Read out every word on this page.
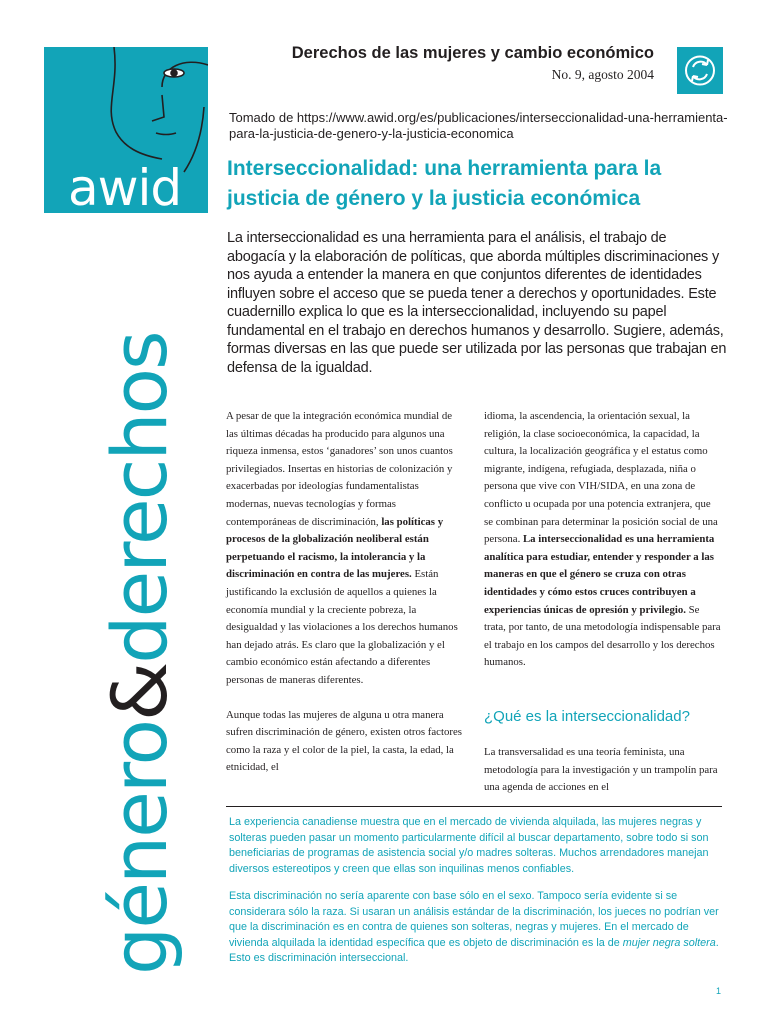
awid
género&derechos
Derechos de las mujeres y cambio económico
No. 9, agosto 2004
Tomado de https://www.awid.org/es/publicaciones/interseccionalidad-una-herramienta-para-la-justicia-de-genero-y-la-justicia-economica
Interseccionalidad: una herramienta para la justicia de género y la justicia económica
La interseccionalidad es una herramienta para el análisis, el trabajo de abogacía y la elaboración de políticas, que aborda múltiples discriminaciones y nos ayuda a entender la manera en que conjuntos diferentes de identidades influyen sobre el acceso que se pueda tener a derechos y oportunidades. Este cuadernillo explica lo que es la interseccionalidad, incluyendo su papel fundamental en el trabajo en derechos humanos y desarrollo. Sugiere, además, formas diversas en las que puede ser utilizada por las personas que trabajan en defensa de la igualdad.

A pesar de que la integración económica mundial de las últimas décadas ha producido para algunos una riqueza inmensa, estos ‘ganadores’ son unos cuantos privilegiados. Insertas en historias de colonización y exacerbadas por ideologías fundamentalistas modernas, nuevas tecnologías y formas contemporáneas de discriminación, las políticas y procesos de la globalización neoliberal están perpetuando el racismo, la intolerancia y la discriminación en contra de las mujeres. Están justificando la exclusión de aquellos a quienes la economía mundial y la creciente pobreza, la desigualdad y las violaciones a los derechos humanos han dejado atrás. Es claro que la globalización y el cambio económico están afectando a diferentes personas de maneras diferentes.

Aunque todas las mujeres de alguna u otra manera sufren discriminación de género, existen otros factores como la raza y el color de la piel, la casta, la edad, la etnicidad, el

idioma, la ascendencia, la orientación sexual, la religión, la clase socioeconómica, la capacidad, la cultura, la localización geográfica y el estatus como migrante, indígena, refugiada, desplazada, niña o persona que vive con VIH/SIDA, en una zona de conflicto u ocupada por una potencia extranjera, que se combinan para determinar la posición social de una persona. La interseccionalidad es una herramienta analítica para estudiar, entender y responder a las maneras en que el género se cruza con otras identidades y cómo estos cruces contribuyen a experiencias únicas de opresión y privilegio. Se trata, por tanto, de una metodología indispensable para el trabajo en los campos del desarrollo y los derechos humanos.

¿Qué es la interseccionalidad?

La transversalidad es una teoría feminista, una metodología para la investigación y un trampolín para una agenda de acciones en el

La experiencia canadiense muestra que en el mercado de vivienda alquilada, las mujeres negras y solteras pueden pasar un momento particularmente difícil al buscar departamento, sobre todo si son beneficiarias de programas de asistencia social y/o madres solteras. Muchos arrendadores manejan diversos estereotipos y creen que ellas son inquilinas menos confiables.

Esta discriminación no sería aparente con base sólo en el sexo. Tampoco sería evidente si se considerara sólo la raza. Si usaran un análisis estándar de la discriminación, los jueces no podrían ver que la discriminación es en contra de quienes son solteras, negras y mujeres. En el mercado de vivienda alquilada la identidad específica que es objeto de discriminación es la de mujer negra soltera. Esto es discriminación interseccional.

1
